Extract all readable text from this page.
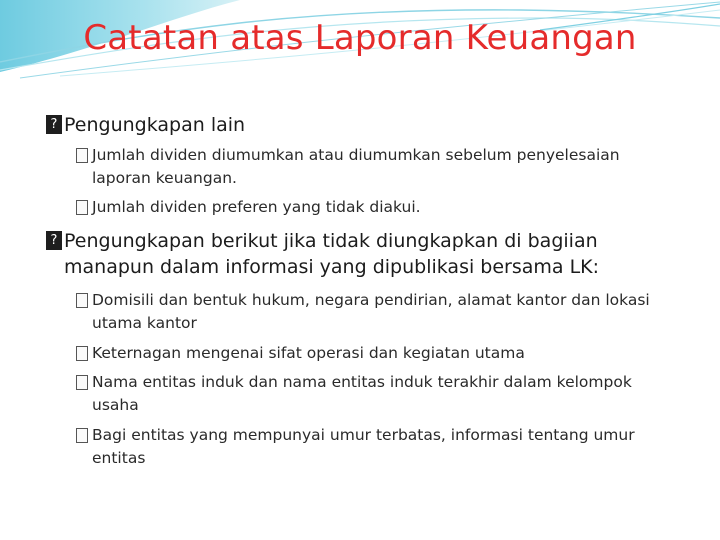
Catatan atas Laporan Keuangan
? Pengungkapan lain
Jumlah dividen diumumkan atau diumumkan sebelum penyelesaian
laporan keuangan.
Jumlah dividen preferen yang tidak diakui.
? Pengungkapan berikut jika tidak diungkapkan di bagiian
manapun dalam informasi yang dipublikasi bersama LK:
Domisili dan bentuk hukum, negara pendirian, alamat kantor dan lokasi
utama kantor
Keternagan mengenai sifat operasi dan kegiatan utama
Nama entitas induk dan nama entitas induk terakhir dalam kelompok
usaha
Bagi entitas yang mempunyai umur terbatas, informasi tentang umur
entitas
